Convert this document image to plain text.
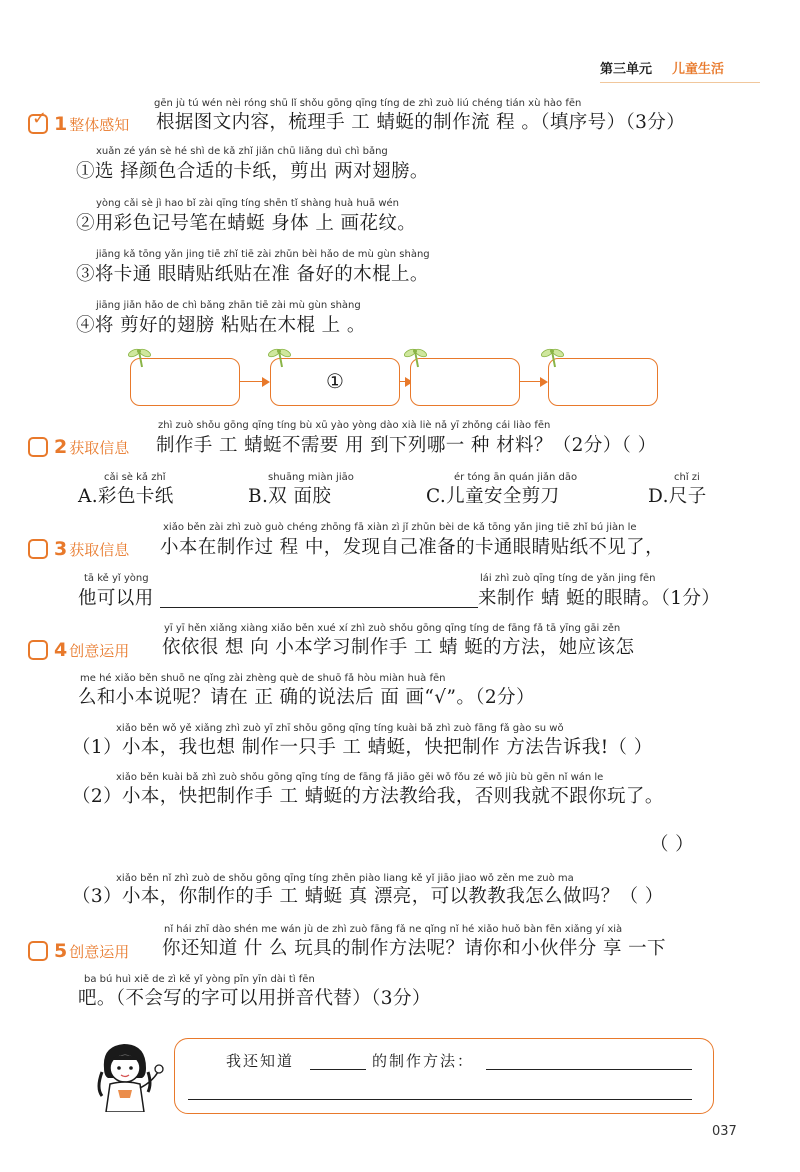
第三单元 儿童生活
gēn jù tú wén nèi róng shū lǐ shǒu gōng qīng tíng de zhì zuò liú chéng tián xù hào fēn
✓ 1 整体感知 根据图文内容，梳理手 工 蜻蜓的制作流 程 。（填序号）（3分）
xuǎn zé yán sè hé shì de kǎ zhǐ jiǎn chū liǎng duì chì bǎng
①选 择颜色合适的卡纸，剪出 两对翅膀。
yòng cǎi sè jì hao bǐ zài qīng tíng shēn tǐ shàng huà huā wén
②用彩色记号笔在蜻蜓 身体 上 画花纹。
jiāng kǎ tōng yǎn jing tiē zhǐ tiē zài zhǔn bèi hǎo de mù gùn shàng
③将卡通 眼睛贴纸贴在准 备好的木棍上。
jiāng jiǎn hǎo de chì bǎng zhān tiē zài mù gùn shàng
④将 剪好的翅膀 粘贴在木棍 上 。
①
zhì zuò shǒu gōng qīng tíng bù xū yào yòng dào xià liè nǎ yī zhǒng cái liào fēn
2 获取信息 制作手 工 蜻蜓不需要 用 到下列哪一 种 材料？（2分）（ ）
cǎi sè kǎ zhǐ
A.彩色卡纸
shuāng miàn jiāo
B.双 面胶
ér tóng ān quán jiǎn dāo
C.儿童安全剪刀
chǐ zi
D.尺子
xiǎo běn zài zhì zuò guò chéng zhōng fā xiàn zì jǐ zhǔn bèi de kǎ tōng yǎn jing tiē zhǐ bú jiàn le
3 获取信息 小本在制作过 程 中，发现自己准备的卡通眼睛贴纸不见了，
tā kě yǐ yòng
他可以用
lái zhì zuò qīng tíng de yǎn jing fēn
来制作 蜻 蜓的眼睛。（1分）
yī yī hěn xiǎng xiàng xiǎo běn xué xí zhì zuò shǒu gōng qīng tíng de fāng fǎ tā yīng gāi zěn
4 创意运用 依依很 想 向 小本学习制作手 工 蜻 蜓的方法，她应该怎
me hé xiǎo běn shuō ne qǐng zài zhèng què de shuō fǎ hòu miàn huà fēn
么和小本说呢？请在 正 确的说法后 面 画“√”。（2分）
xiǎo běn wǒ yě xiǎng zhì zuò yī zhī shǒu gōng qīng tíng kuài bǎ zhì zuò fāng fǎ gào su wǒ
（1）小本，我也想 制作一只手 工 蜻蜓，快把制作 方法告诉我!（ ）
xiǎo běn kuài bǎ zhì zuò shǒu gōng qīng tíng de fāng fǎ jiāo gěi wǒ fǒu zé wǒ jiù bù gēn nǐ wán le
（2）小本，快把制作手 工 蜻蜓的方法教给我，否则我就不跟你玩了。
（ ）
xiǎo běn nǐ zhì zuò de shǒu gōng qīng tíng zhēn piào liang kě yǐ jiāo jiao wǒ zěn me zuò ma
（3）小本，你制作的手 工 蜻蜓 真 漂亮，可以教教我怎么做吗？（ ）
nǐ hái zhī dào shén me wán jù de zhì zuò fāng fǎ ne qǐng nǐ hé xiǎo huǒ bàn fēn xiǎng yí xià
5 创意运用 你还知道 什 么 玩具的制作方法呢？请你和小伙伴分 享 一下
ba bú huì xiě de zì kě yǐ yòng pīn yīn dài tì fēn
吧。（不会写的字可以用拼音代替）（3分）
我还知道	的制作方法：
037
